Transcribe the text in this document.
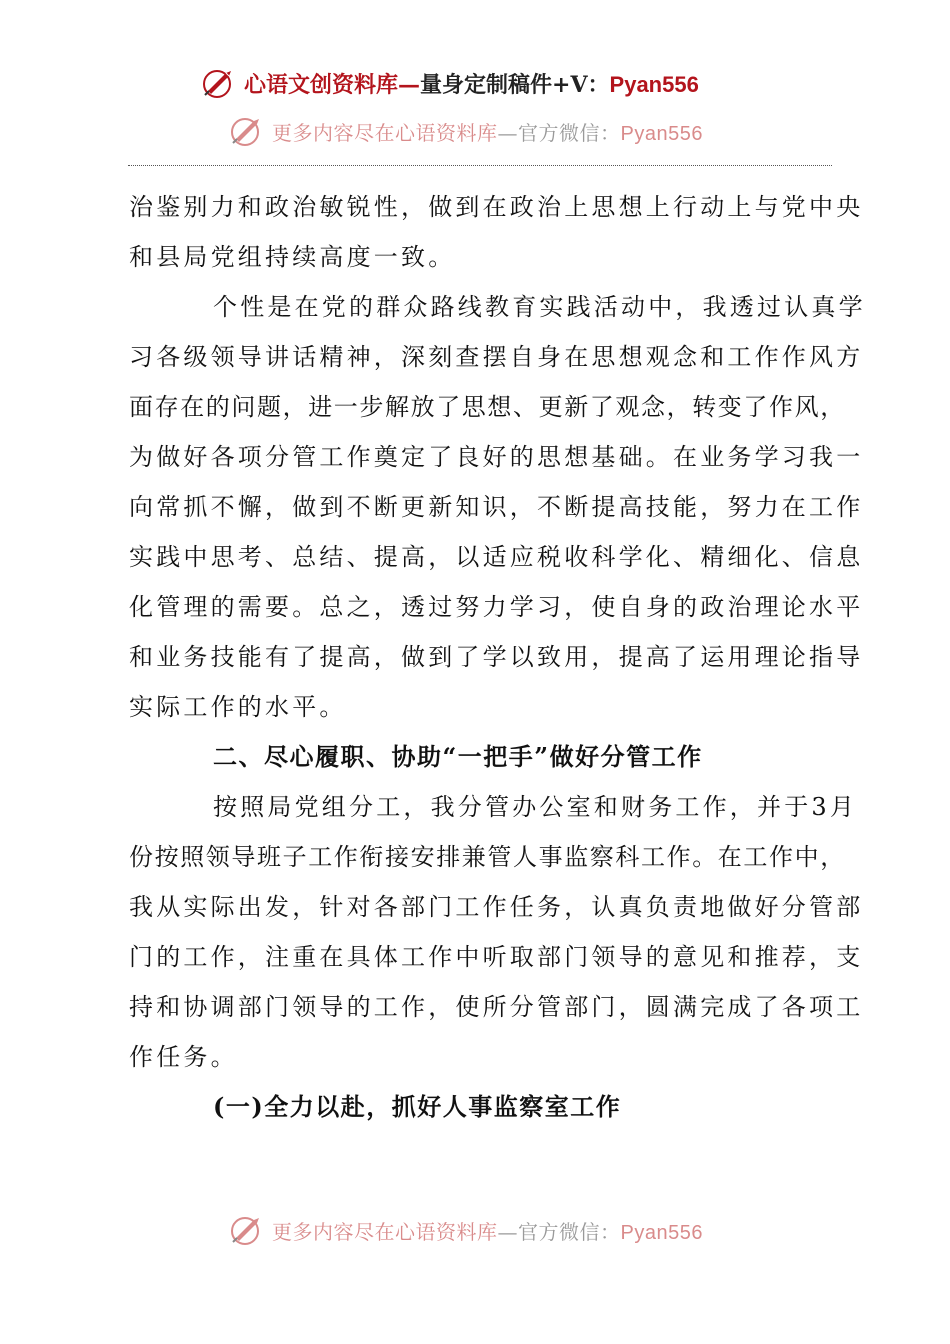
心语文创资料库—量身定制稿件+V：Pyan556
更多内容尽在心语资料库—官方微信：Pyan556
治鉴别力和政治敏锐性，做到在政治上思想上行动上与党中央
和县局党组持续高度一致。
个性是在党的群众路线教育实践活动中，我透过认真学
习各级领导讲话精神，深刻查摆自身在思想观念和工作作风方
面存在的问题，进一步解放了思想、更新了观念，转变了作风，
为做好各项分管工作奠定了良好的思想基础。在业务学习我一
向常抓不懈，做到不断更新知识，不断提高技能，努力在工作
实践中思考、总结、提高，以适应税收科学化、精细化、信息
化管理的需要。总之，透过努力学习，使自身的政治理论水平
和业务技能有了提高，做到了学以致用，提高了运用理论指导
实际工作的水平。
二、尽心履职、协助“一把手”做好分管工作
按照局党组分工，我分管办公室和财务工作，并于3月
份按照领导班子工作衔接安排兼管人事监察科工作。在工作中，
我从实际出发，针对各部门工作任务，认真负责地做好分管部
门的工作，注重在具体工作中听取部门领导的意见和推荐，支
持和协调部门领导的工作，使所分管部门，圆满完成了各项工
作任务。
(一)全力以赴，抓好人事监察室工作
更多内容尽在心语资料库—官方微信：Pyan556
